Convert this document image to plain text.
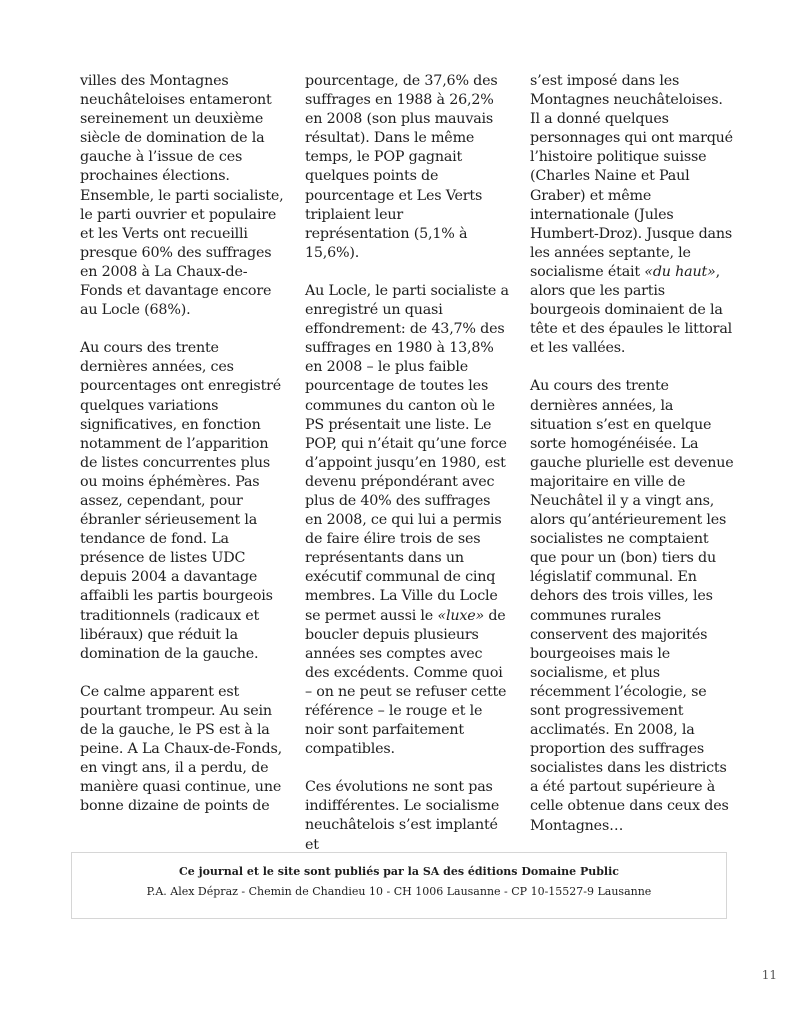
villes des Montagnes neuchâteloises entameront sereinement un deuxième siècle de domination de la gauche à l’issue de ces prochaines élections. Ensemble, le parti socialiste, le parti ouvrier et populaire et les Verts ont recueilli presque 60% des suffrages en 2008 à La Chaux-de-Fonds et davantage encore au Locle (68%).

Au cours des trente dernières années, ces pourcentages ont enregistré quelques variations significatives, en fonction notamment de l’apparition de listes concurrentes plus ou moins éphémères. Pas assez, cependant, pour ébranler sérieusement la tendance de fond. La présence de listes UDC depuis 2004 a davantage affaibli les partis bourgeois traditionnels (radicaux et libéraux) que réduit la domination de la gauche.

Ce calme apparent est pourtant trompeur. Au sein de la gauche, le PS est à la peine. A La Chaux-de-Fonds, en vingt ans, il a perdu, de manière quasi continue, une bonne dizaine de points de

pourcentage, de 37,6% des suffrages en 1988 à 26,2% en 2008 (son plus mauvais résultat). Dans le même temps, le POP gagnait quelques points de pourcentage et Les Verts triplaient leur représentation (5,1% à 15,6%).

Au Locle, le parti socialiste a enregistré un quasi effondrement: de 43,7% des suffrages en 1980 à 13,8% en 2008 – le plus faible pourcentage de toutes les communes du canton où le PS présentait une liste. Le POP, qui n’était qu’une force d’appoint jusqu’en 1980, est devenu prépondérant avec plus de 40% des suffrages en 2008, ce qui lui a permis de faire élire trois de ses représentants dans un exécutif communal de cinq membres. La Ville du Locle se permet aussi le «luxe» de boucler depuis plusieurs années ses comptes avec des excédents. Comme quoi – on ne peut se refuser cette référence – le rouge et le noir sont parfaitement compatibles.

Ces évolutions ne sont pas indifférentes. Le socialisme neuchâtelois s’est implanté et

s’est imposé dans les Montagnes neuchâteloises. Il a donné quelques personnages qui ont marqué l’histoire politique suisse (Charles Naine et Paul Graber) et même internationale (Jules Humbert-Droz). Jusque dans les années septante, le socialisme était «du haut», alors que les partis bourgeois dominaient de la tête et des épaules le littoral et les vallées.

Au cours des trente dernières années, la situation s’est en quelque sorte homogénéisée. La gauche plurielle est devenue majoritaire en ville de Neuchâtel il y a vingt ans, alors qu’antérieurement les socialistes ne comptaient que pour un (bon) tiers du législatif communal. En dehors des trois villes, les communes rurales conservent des majorités bourgeoises mais le socialisme, et plus récemment l’écologie, se sont progressivement acclimatés. En 2008, la proportion des suffrages socialistes dans les districts a été partout supérieure à celle obtenue dans ceux des Montagnes…

Ce journal et le site sont publiés par la SA des éditions Domaine Public
P.A. Alex Dépraz - Chemin de Chandieu 10 - CH 1006 Lausanne - CP 10-15527-9 Lausanne
11
